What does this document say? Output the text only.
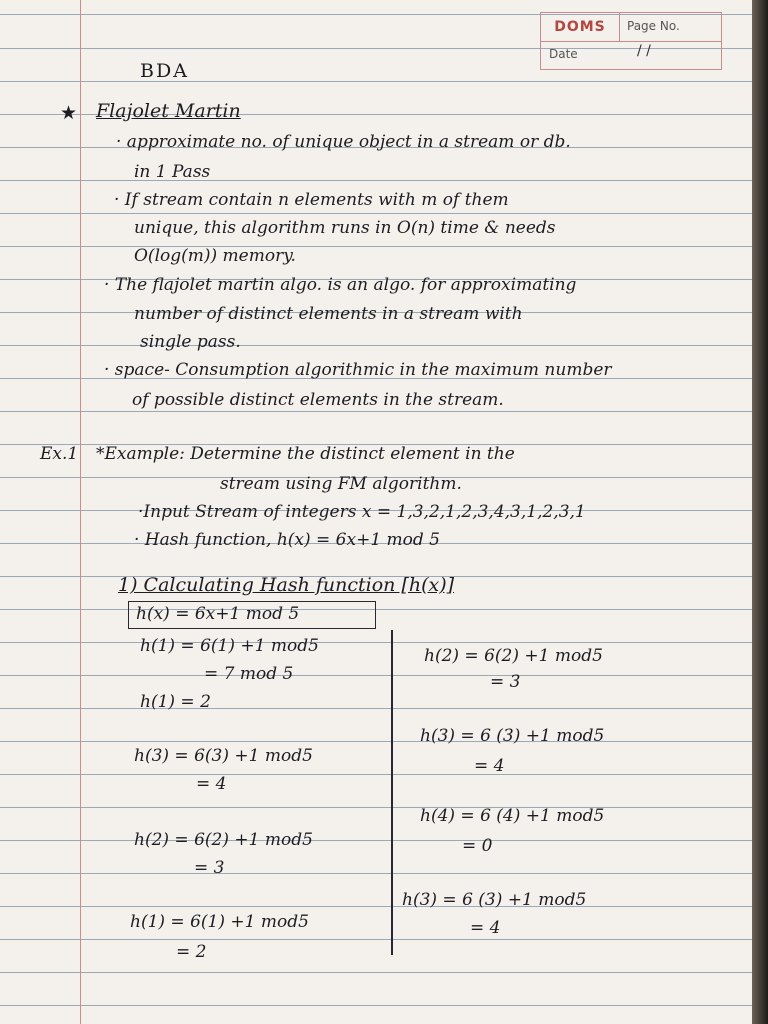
DOMS	Page No.
Date	/ /
BDA
★ Flajolet Martin
· approximate no. of unique object in a stream or db.
in 1 Pass
· If stream contain n elements with m of them
unique, this algorithm runs in O(n) time & needs
O(log(m)) memory.
· The flajolet martin algo. is an algo. for approximating
number of distinct elements in a stream with
single pass.
· space- Consumption algorithmic in the maximum number
of possible distinct elements in the stream.
Ex.1 *Example: Determine the distinct element in the
stream using FM algorithm.
·Input Stream of integers x = 1,3,2,1,2,3,4,3,1,2,3,1
· Hash function, h(x) = 6x+1 mod 5
1) Calculating Hash function [h(x)]
h(x) = 6x+1 mod 5
h(1) = 6(1) +1 mod5
= 7 mod 5
h(1) = 2
h(3) = 6(3) +1 mod5
= 4
h(2) = 6(2) +1 mod5
= 3
h(1) = 6(1) +1 mod5
= 2
h(2) = 6(2) +1 mod5
= 3
h(3) = 6 (3) +1 mod5
= 4
h(4) = 6 (4) +1 mod5
= 0
h(3) = 6 (3) +1 mod5
= 4
